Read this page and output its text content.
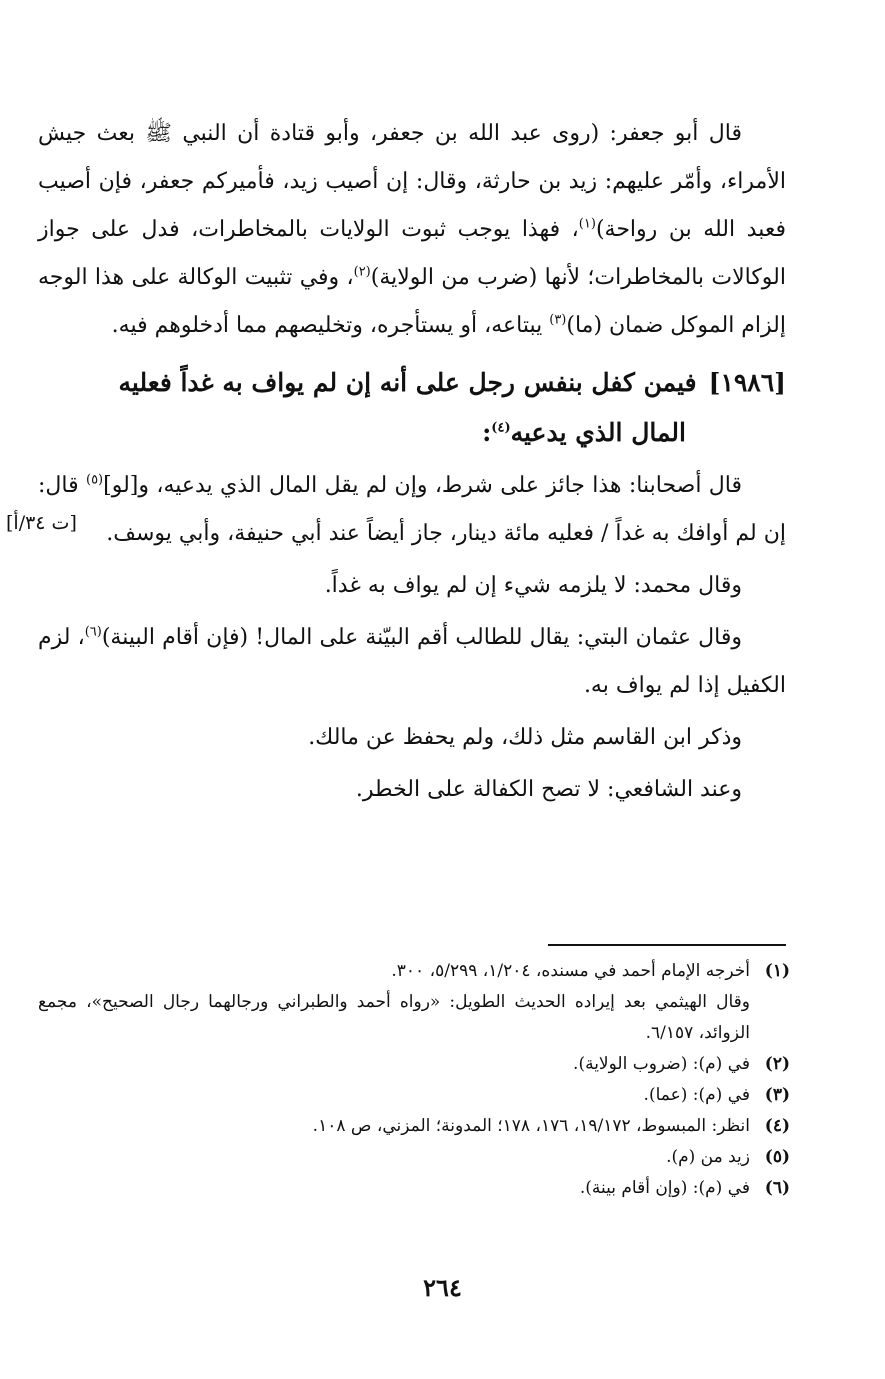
قال أبو جعفر: (روى عبد الله بن جعفر، وأبو قتادة أن النبي ﷺ بعث جيش الأمراء، وأمّر عليهم: زيد بن حارثة، وقال: إن أصيب زيد، فأميركم جعفر، فإن أصيب فعبد الله بن رواحة)$^{(١)}$، فهذا يوجب ثبوت الولايات بالمخاطرات، فدل على جواز الوكالات بالمخاطرات؛ لأنها (ضرب من الولاية)$^{(٢)}$، وفي تثبيت الوكالة على هذا الوجه إلزام الموكل ضمان (ما)$^{(٣)}$ يبتاعه، أو يستأجره، وتخليصهم مما أدخلوهم فيه.

[١٩٨٦]فيمن كفل بنفس رجل على أنه إن لم يواف به غداً فعليه
المال الذي يدعيه$^{(٤)}$:
[ت ٣٤/أ]

قال أصحابنا: هذا جائز على شرط، وإن لم يقل المال الذي يدعيه، و[لو]$^{(٥)}$ قال: إن لم أوافك به غداً / فعليه مائة دينار، جاز أيضاً عند أبي حنيفة، وأبي يوسف.

وقال محمد: لا يلزمه شيء إن لم يواف به غداً.

وقال عثمان البتي: يقال للطالب أقم البيّنة على المال! (فإن أقام البينة)$^{(٦)}$، لزم الكفيل إذا لم يواف به.

وذكر ابن القاسم مثل ذلك، ولم يحفظ عن مالك.

وعند الشافعي: لا تصح الكفالة على الخطر.

(١)
أخرجه الإمام أحمد في مسنده، ١/٢٠٤، ٥/٢٩٩، ٣٠٠.
وقال الهيثمي بعد إيراده الحديث الطويل: «رواه أحمد والطبراني ورجالهما رجال الصحيح»، مجمع الزوائد، ٦/١٥٧.
(٢)
في (م): (ضروب الولاية).
(٣)
في (م): (عما).
(٤)
انظر: المبسوط، ١٩/١٧٢، ١٧٦، ١٧٨؛ المدونة؛ المزني، ص ١٠٨.
(٥)
زيد من (م).
(٦)
في (م): (وإن أقام بينة).
٢٦٤
